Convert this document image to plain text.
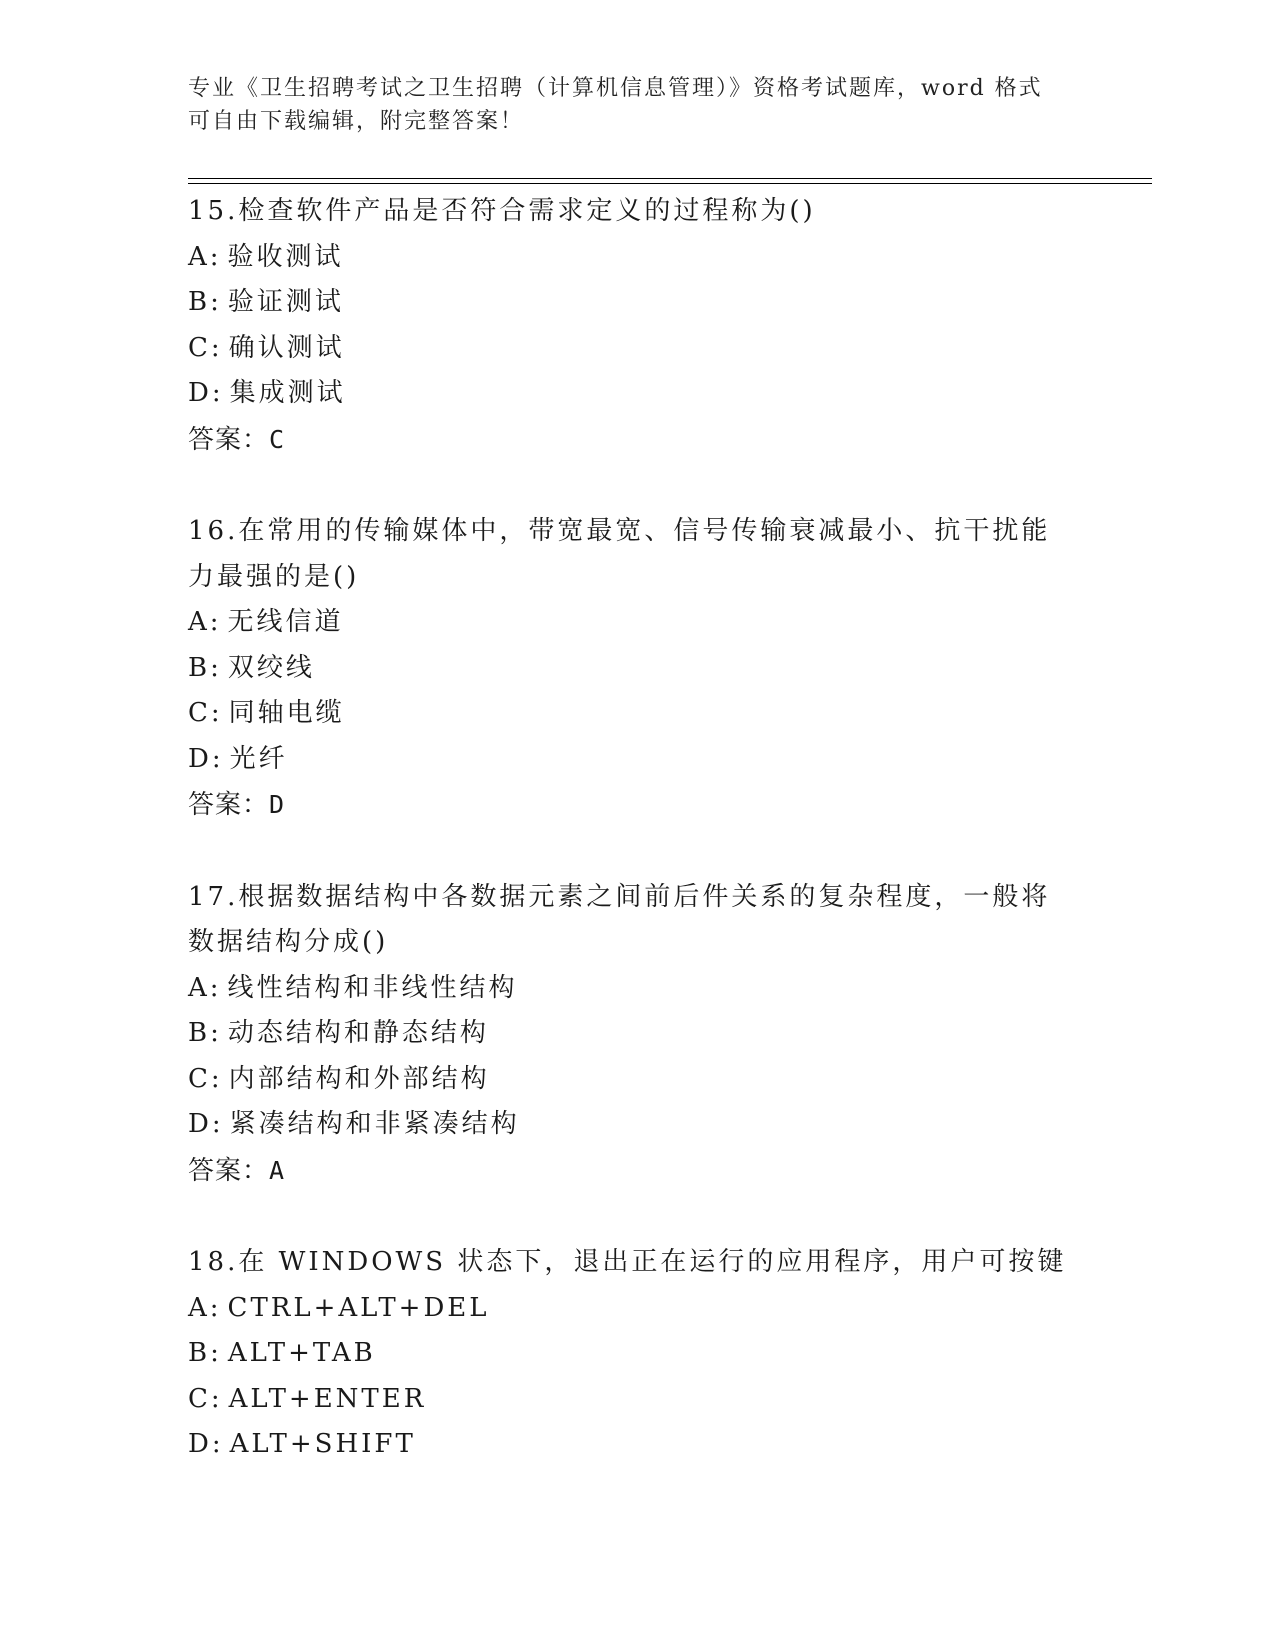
专业《卫生招聘考试之卫生招聘（计算机信息管理）》资格考试题库，word 格式
可自由下载编辑，附完整答案！

15.检查软件产品是否符合需求定义的过程称为()

A: 验收测试

B: 验证测试

C: 确认测试

D: 集成测试

答案：C

16.在常用的传输媒体中，带宽最宽、信号传输衰减最小、抗干扰能力最强的是()

A: 无线信道

B: 双绞线

C: 同轴电缆

D: 光纤

答案：D

17.根据数据结构中各数据元素之间前后件关系的复杂程度，一般将数据结构分成()

A: 线性结构和非线性结构

B: 动态结构和静态结构

C: 内部结构和外部结构

D: 紧凑结构和非紧凑结构

答案：A

18.在 WINDOWS 状态下，退出正在运行的应用程序，用户可按键

A: CTRL+ALT+DEL

B: ALT+TAB

C: ALT+ENTER

D: ALT+SHIFT
